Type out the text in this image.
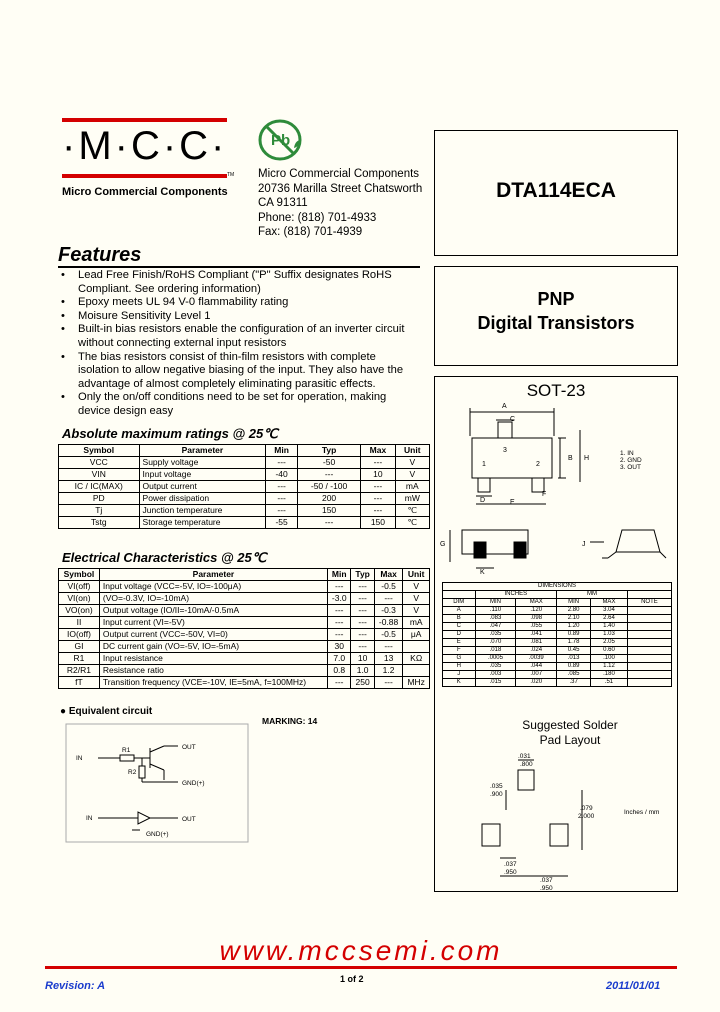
·M·C·C·
TM
Micro Commercial Components
Pb
Micro Commercial Components
20736 Marilla Street Chatsworth
CA 91311
Phone: (818) 701-4933
Fax: (818) 701-4939
DTA114ECA
PNP
Digital Transistors
SOT-23
A
C
3
1	2
B H
D	E
F
1. IN
2. GND
3. OUT
G
K
J
DIMENSIONS					
	INCHES		MM		
DIM	MIN	MAX	MIN	MAX	NOTE
A	.110	.120	2.80	3.04	
B	.083	.098	2.10	2.64	
C	.047	.055	1.20	1.40	
D	.035	.041	0.89	1.03	
E	.070	.081	1.78	2.05	
F	.018	.024	0.45	0.60	
G	.0005	.0039	.013	.100	
H	.035	.044	0.89	1.12	
J	.003	.007	.085	.180	
K	.015	.020	.37	.51	
Suggested Solder
Pad Layout
.031
.800
.035
.900
.079
2.000
Inches / mm
.037
.950
.037
.950
Features
• Lead Free Finish/RoHS Compliant ("P" Suffix designates RoHS Compliant. See ordering information)
• Epoxy meets UL 94 V-0 flammability rating
• Moisure Sensitivity Level 1
• Built-in bias resistors enable the configuration of an inverter circuit without connecting external input resistors
• The bias resistors consist of thin-film resistors with complete isolation to allow negative biasing of the input. They also have the advantage of almost completely eliminating parasitic effects.
• Only the on/off conditions need to be set for operation, making device design easy
Absolute maximum ratings @ 25℃
Symbol	Parameter	Min	Typ	Max	Unit
VCC	Supply voltage	---	-50	---	V
VIN	Input voltage	-40	---	10	V
IC / IC(MAX)	Output current	---	-50 / -100	---	mA
PD	Power dissipation	---	200	---	mW
Tj	Junction temperature	---	150	---	℃
Tstg	Storage temperature	-55	---	150	℃
Electrical Characteristics @ 25℃
Symbol	Parameter	Min	Typ	Max	Unit
VI(off)	Input voltage (VCC=-5V, IO=-100μA)	---	---	-0.5	V
VI(on)	(VO=-0.3V, IO=-10mA)	-3.0	---	---	V
VO(on)	Output voltage (IO/II=-10mA/-0.5mA	---	---	-0.3	V
II	Input current (VI=-5V)	---	---	-0.88	mA
IO(off)	Output current (VCC=-50V, VI=0)	---	---	-0.5	μA
GI	DC current gain (VO=-5V, IO=-5mA)	30	---	---	
R1	Input resistance	7.0	10	13	KΩ
R2/R1	Resistance ratio	0.8	1.0	1.2	
fT	Transition frequency (VCE=-10V, IE=5mA, f=100MHz)	---	250	---	MHz
● Equivalent circuit
MARKING: 14
IN
OUT
GND(+)
R1
R2
IN	OUT
GND(+)
www.mccsemi.com
Revision: A
1 of 2
2011/01/01
